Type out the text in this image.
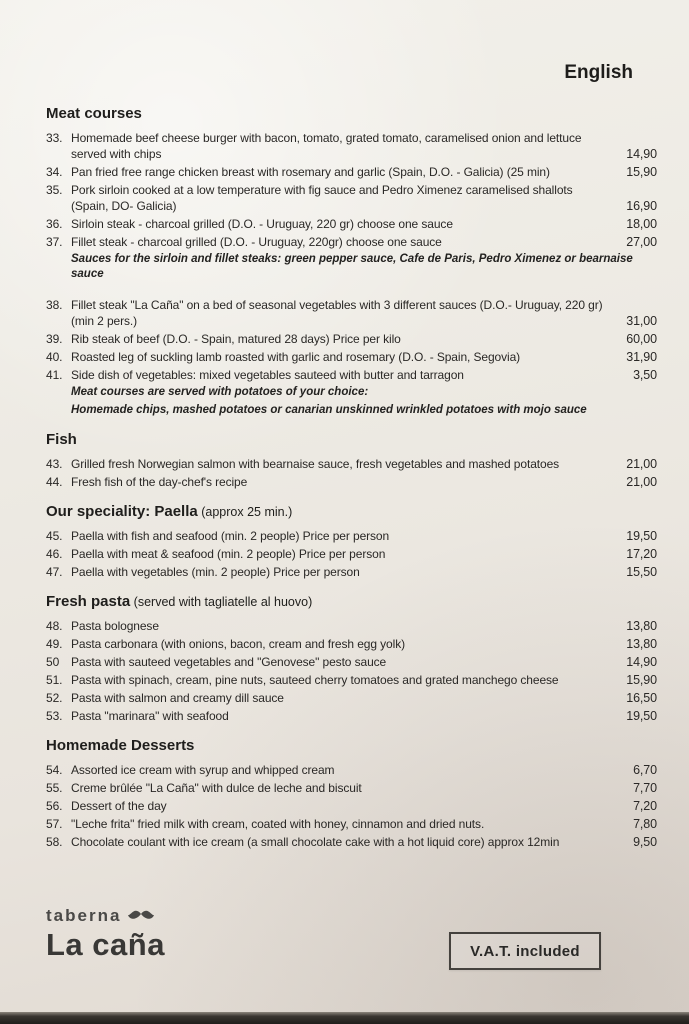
English
Meat courses
33. Homemade beef cheese burger with bacon, tomato, grated tomato, caramelised onion and lettuce served with chips	14,90
34. Pan fried free range chicken breast with rosemary and garlic (Spain, D.O. - Galicia) (25 min)	15,90
35. Pork sirloin cooked at a low temperature with fig sauce and Pedro Ximenez caramelised shallots (Spain, DO- Galicia)	16,90
36. Sirloin steak - charcoal grilled (D.O. - Uruguay, 220 gr) choose one sauce	18,00
37. Fillet steak - charcoal grilled (D.O. - Uruguay, 220gr) choose one sauce	27,00

Sauces for the sirloin and fillet steaks: green pepper sauce, Cafe de Paris, Pedro Ximenez or bearnaise sauce

38. Fillet steak "La Caña" on a bed of seasonal vegetables with 3 different sauces (D.O.- Uruguay, 220 gr) (min 2 pers.)	31,00
39. Rib steak of beef (D.O. - Spain, matured 28 days) Price per kilo	60,00
40. Roasted leg of suckling lamb roasted with garlic and rosemary (D.O. - Spain, Segovia)	31,90
41. Side dish of vegetables: mixed vegetables sauteed with butter and tarragon	3,50

Meat courses are served with potatoes of your choice:

Homemade chips, mashed potatoes or canarian unskinned wrinkled potatoes with mojo sauce

Fish
43. Grilled fresh Norwegian salmon with bearnaise sauce, fresh vegetables and mashed potatoes	21,00
44. Fresh fish of the day-chef's recipe	21,00
Our speciality: Paella (approx 25 min.)
45. Paella with fish and seafood (min. 2 people) Price per person	19,50
46. Paella with meat & seafood (min. 2 people) Price per person	17,20
47. Paella with vegetables (min. 2 people) Price per person	15,50
Fresh pasta (served with tagliatelle al huovo)
48. Pasta bolognese	13,80
49. Pasta carbonara (with onions, bacon, cream and fresh egg yolk)	13,80
50 Pasta with sauteed vegetables and "Genovese" pesto sauce	14,90
51. Pasta with spinach, cream, pine nuts, sauteed cherry tomatoes and grated manchego cheese	15,90
52. Pasta with salmon and creamy dill sauce	16,50
53. Pasta "marinara" with seafood	19,50
Homemade Desserts
54. Assorted ice cream with syrup and whipped cream	6,70
55. Creme brûlée "La Caña" with dulce de leche and biscuit	7,70
56. Dessert of the day	7,20
57. "Leche frita" fried milk with cream, coated with honey, cinnamon and dried nuts.	7,80
58. Chocolate coulant with ice cream (a small chocolate cake with a hot liquid core) approx 12min	9,50
taberna
La caña	V.A.T. included
